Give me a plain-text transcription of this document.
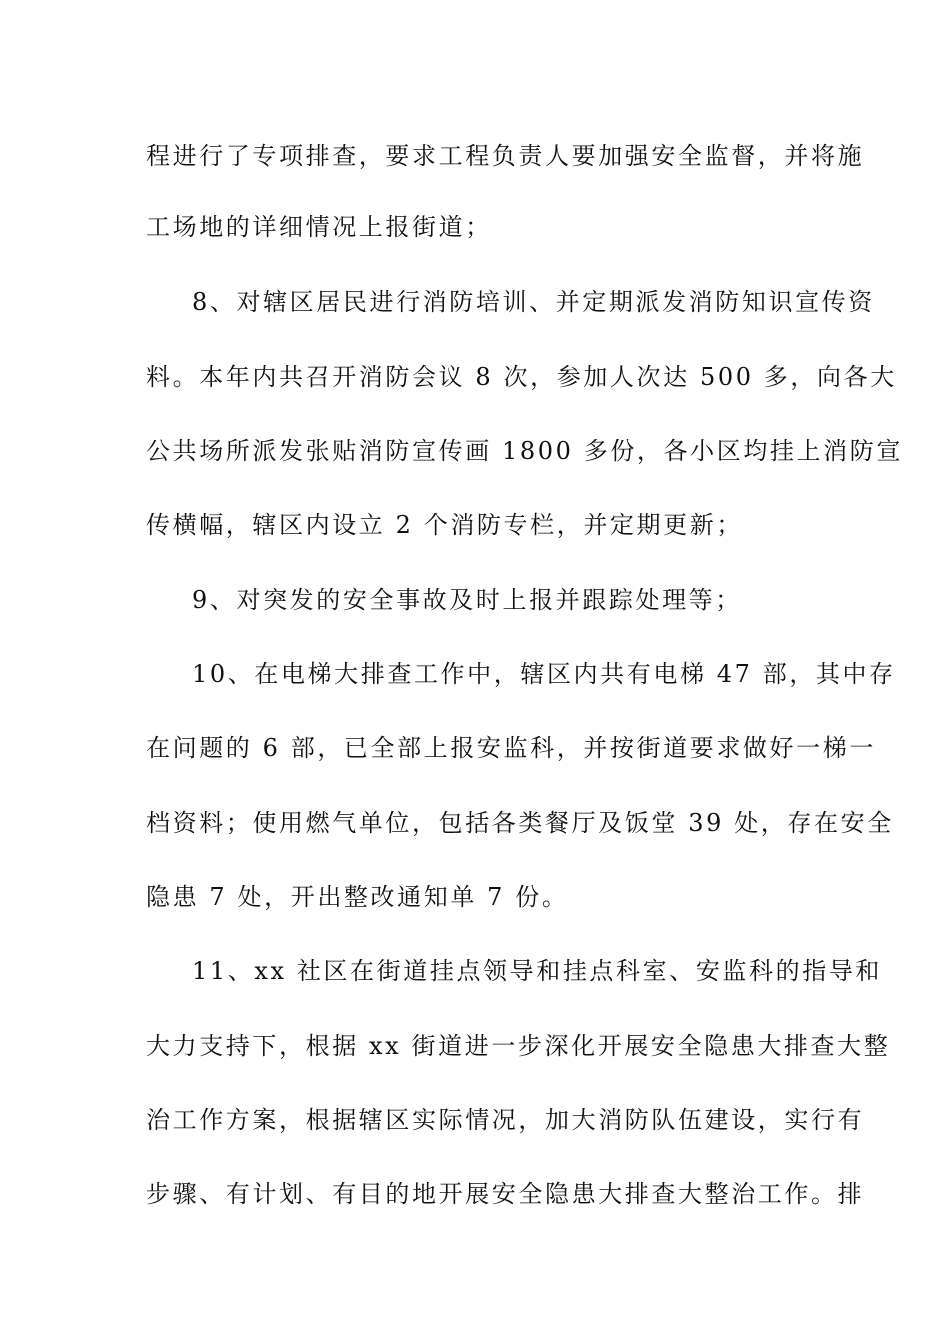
程进行了专项排查，要求工程负责人要加强安全监督，并将施
工场地的详细情况上报街道；
8、对辖区居民进行消防培训、并定期派发消防知识宣传资
料。本年内共召开消防会议 8 次，参加人次达 500 多，向各大
公共场所派发张贴消防宣传画 1800 多份，各小区均挂上消防宣
传横幅，辖区内设立 2 个消防专栏，并定期更新；
9、对突发的安全事故及时上报并跟踪处理等；
10、在电梯大排查工作中，辖区内共有电梯 47 部，其中存
在问题的 6 部，已全部上报安监科，并按街道要求做好一梯一
档资料；使用燃气单位，包括各类餐厅及饭堂 39 处，存在安全
隐患 7 处，开出整改通知单 7 份。
11、xx 社区在街道挂点领导和挂点科室、安监科的指导和
大力支持下，根据 xx 街道进一步深化开展安全隐患大排查大整
治工作方案，根据辖区实际情况，加大消防队伍建设，实行有
步骤、有计划、有目的地开展安全隐患大排查大整治工作。排
